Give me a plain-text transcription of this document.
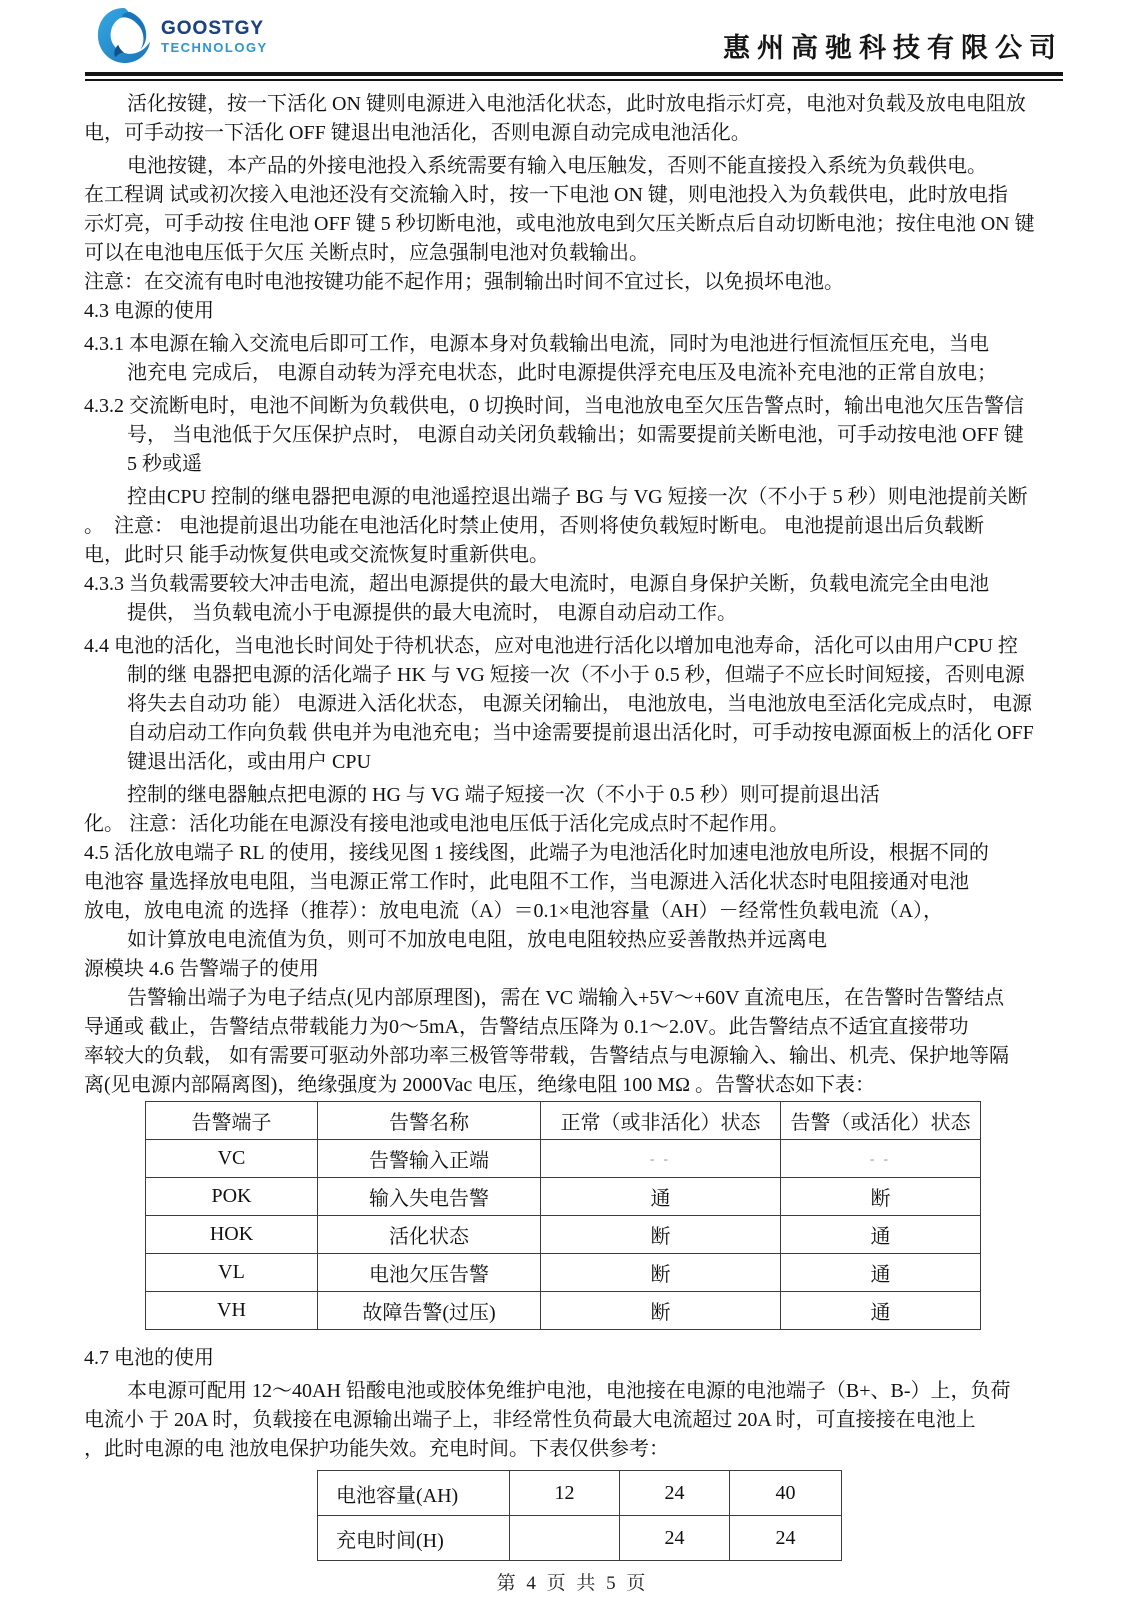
GOOSTGY
TECHNOLOGY	惠州高驰科技有限公司
活化按键，按一下活化 ON 键则电源进入电池活化状态，此时放电指示灯亮，电池对负载及放电电阻放
电，可手动按一下活化 OFF 键退出电池活化，否则电源自动完成电池活化。
电池按键，本产品的外接电池投入系统需要有输入电压触发，否则不能直接投入系统为负载供电。
在工程调 试或初次接入电池还没有交流输入时，按一下电池 ON 键，则电池投入为负载供电，此时放电指
示灯亮，可手动按 住电池 OFF 键 5 秒切断电池，或电池放电到欠压关断点后自动切断电池；按住电池 ON 键
可以在电池电压低于欠压 关断点时，应急强制电池对负载输出。
注意：在交流有电时电池按键功能不起作用；强制输出时间不宜过长，以免损坏电池。
4.3 电源的使用
4.3.1 本电源在输入交流电后即可工作，电源本身对负载输出电流，同时为电池进行恒流恒压充电，当电
池充电 完成后， 电源自动转为浮充电状态，此时电源提供浮充电压及电流补充电池的正常自放电；
4.3.2 交流断电时，电池不间断为负载供电，0 切换时间，当电池放电至欠压告警点时，输出电池欠压告警信
号， 当电池低于欠压保护点时， 电源自动关闭负载输出；如需要提前关断电池，可手动按电池 OFF 键
5 秒或遥
控由CPU 控制的继电器把电源的电池遥控退出端子 BG 与 VG 短接一次（不小于 5 秒）则电池提前关断
。  注意： 电池提前退出功能在电池活化时禁止使用，否则将使负载短时断电。 电池提前退出后负载断
电，此时只 能手动恢复供电或交流恢复时重新供电。
4.3.3 当负载需要较大冲击电流，超出电源提供的最大电流时，电源自身保护关断，负载电流完全由电池
提供， 当负载电流小于电源提供的最大电流时， 电源自动启动工作。
4.4 电池的活化，当电池长时间处于待机状态，应对电池进行活化以增加电池寿命，活化可以由用户CPU 控
制的继 电器把电源的活化端子 HK 与 VG 短接一次（不小于 0.5 秒，但端子不应长时间短接，否则电源
将失去自动功 能） 电源进入活化状态， 电源关闭输出， 电池放电，当电池放电至活化完成点时， 电源
自动启动工作向负载 供电并为电池充电；当中途需要提前退出活化时，可手动按电源面板上的活化 OFF
键退出活化，或由用户 CPU
控制的继电器触点把电源的 HG 与 VG 端子短接一次（不小于 0.5 秒）则可提前退出活
化。 注意：活化功能在电源没有接电池或电池电压低于活化完成点时不起作用。
4.5 活化放电端子 RL 的使用，接线见图 1 接线图，此端子为电池活化时加速电池放电所设，根据不同的
电池容 量选择放电电阻，当电源正常工作时，此电阻不工作，当电源进入活化状态时电阻接通对电池
放电，放电电流 的选择（推荐）：放电电流（A）＝0.1×电池容量（AH）－经常性负载电流（A），
如计算放电电流值为负，则可不加放电电阻，放电电阻较热应妥善散热并远离电
源模块 4.6 告警端子的使用
告警输出端子为电子结点(见内部原理图)，需在 VC 端输入+5V～+60V 直流电压，在告警时告警结点
导通或 截止，告警结点带载能力为0～5mA，告警结点压降为 0.1～2.0V。此告警结点不适宜直接带功
率较大的负载， 如有需要可驱动外部功率三极管等带载，告警结点与电源输入、输出、机壳、保护地等隔
离(见电源内部隔离图)，绝缘强度为 2000Vac 电压，绝缘电阻 100 MΩ 。告警状态如下表：
告警端子	告警名称	正常（或非活化）状态	告警（或活化）状态
VC	告警输入正端	- -	- -
POK	输入失电告警	通	断
HOK	活化状态	断	通
VL	电池欠压告警	断	通
VH	故障告警(过压)	断	通
4.7 电池的使用
本电源可配用 12～40AH 铅酸电池或胶体免维护电池，电池接在电源的电池端子（B+、B-）上，负荷
电流小 于 20A 时，负载接在电源输出端子上，非经常性负荷最大电流超过 20A 时，可直接接在电池上
，此时电源的电 池放电保护功能失效。充电时间。下表仅供参考：
电池容量(AH)	12	24	40
充电时间(H)		24	24
第 4 页 共 5 页
